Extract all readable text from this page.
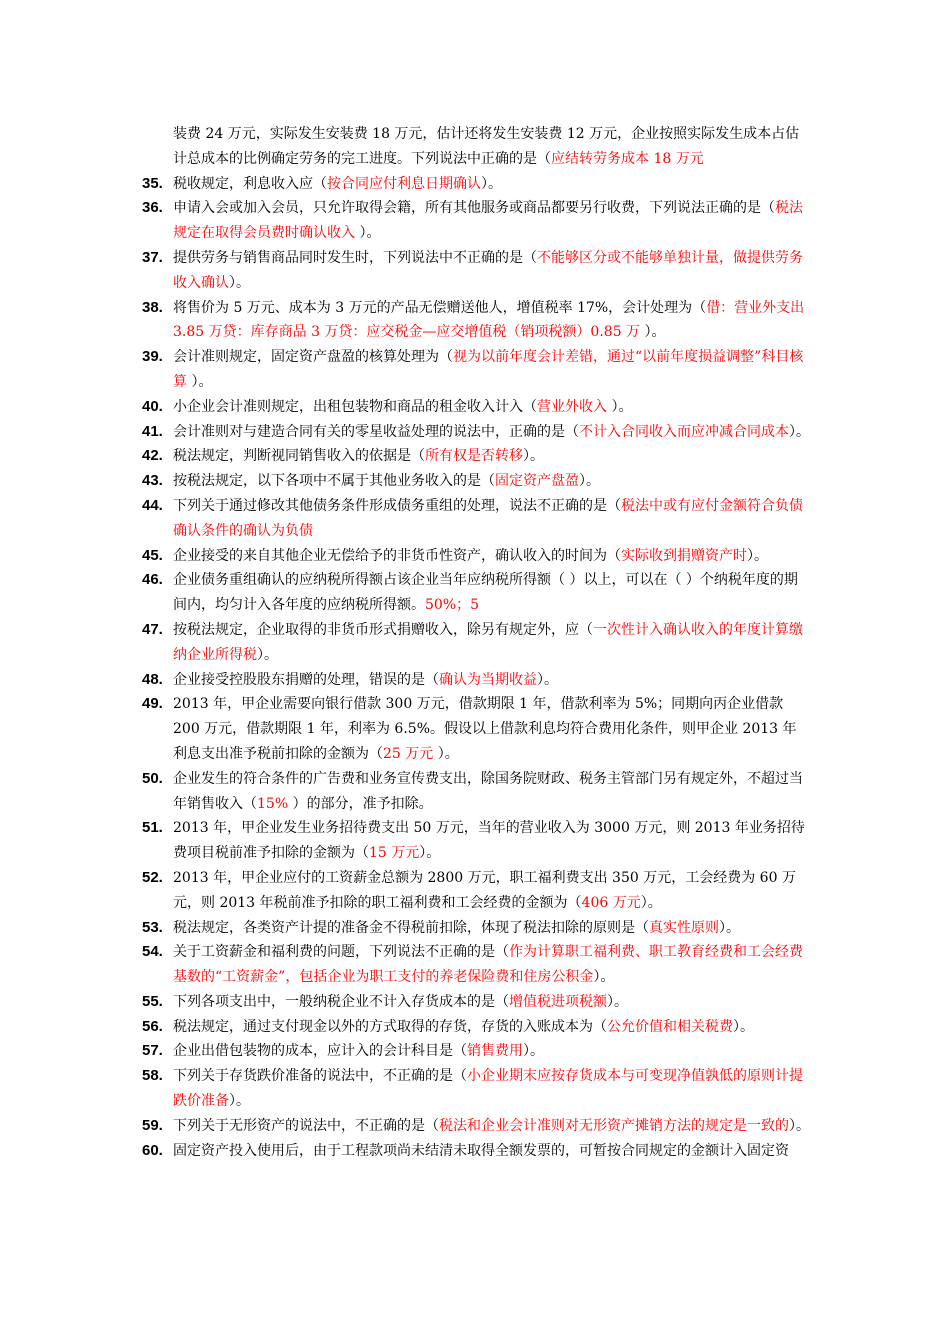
装费 24 万元，实际发生安装费 18 万元，估计还将发生安装费 12 万元，企业按照实际发生成本占估计总成本的比例确定劳务的完工进度。下列说法中正确的是（应结转劳务成本 18 万元
35. 税收规定，利息收入应（按合同应付利息日期确认）。
36. 申请入会或加入会员，只允许取得会籍，所有其他服务或商品都要另行收费，下列说法正确的是（税法规定在取得会员费时确认收入 ）。
37. 提供劳务与销售商品同时发生时，下列说法中不正确的是（不能够区分或不能够单独计量，做提供劳务收入确认）。
38. 将售价为 5 万元、成本为 3 万元的产品无偿赠送他人，增值税率 17%，会计处理为（借：营业外支出 3.85 万贷：库存商品 3 万贷：应交税金—应交增值税（销项税额）0.85 万 ）。
39. 会计准则规定，固定资产盘盈的核算处理为（视为以前年度会计差错，通过“以前年度损益调整”科目核算 ）。
40. 小企业会计准则规定，出租包装物和商品的租金收入计入（营业外收入 ）。
41. 会计准则对与建造合同有关的零星收益处理的说法中，正确的是（不计入合同收入而应冲减合同成本）。
42. 税法规定，判断视同销售收入的依据是（所有权是否转移）。
43. 按税法规定，以下各项中不属于其他业务收入的是（固定资产盘盈）。
44. 下列关于通过修改其他债务条件形成债务重组的处理，说法不正确的是（税法中或有应付金额符合负债确认条件的确认为负债
45. 企业接受的来自其他企业无偿给予的非货币性资产，确认收入的时间为（实际收到捐赠资产时）。
46. 企业债务重组确认的应纳税所得额占该企业当年应纳税所得额（ ）以上，可以在（ ）个纳税年度的期间内，均匀计入各年度的应纳税所得额。50%；5
47. 按税法规定，企业取得的非货币形式捐赠收入，除另有规定外，应（一次性计入确认收入的年度计算缴纳企业所得税）。
48. 企业接受控股股东捐赠的处理，错误的是（确认为当期收益）。
49. 2013 年，甲企业需要向银行借款 300 万元，借款期限 1 年，借款利率为 5%；同期向丙企业借款 200 万元，借款期限 1 年，利率为 6.5%。假设以上借款利息均符合费用化条件，则甲企业 2013 年利息支出准予税前扣除的金额为（25 万元 ）。
50. 企业发生的符合条件的广告费和业务宣传费支出，除国务院财政、税务主管部门另有规定外，不超过当年销售收入（15% ）的部分，准予扣除。
51. 2013 年，甲企业发生业务招待费支出 50 万元，当年的营业收入为 3000 万元，则 2013 年业务招待费项目税前准予扣除的金额为（15 万元）。
52. 2013 年，甲企业应付的工资薪金总额为 2800 万元，职工福利费支出 350 万元，工会经费为 60 万元，则 2013 年税前准予扣除的职工福利费和工会经费的金额为（406 万元）。
53. 税法规定，各类资产计提的准备金不得税前扣除，体现了税法扣除的原则是（真实性原则）。
54. 关于工资薪金和福利费的问题，下列说法不正确的是（作为计算职工福利费、职工教育经费和工会经费基数的“工资薪金”，包括企业为职工支付的养老保险费和住房公积金）。
55. 下列各项支出中，一般纳税企业不计入存货成本的是（增值税进项税额）。
56. 税法规定，通过支付现金以外的方式取得的存货，存货的入账成本为（公允价值和相关税费）。
57. 企业出借包装物的成本，应计入的会计科目是（销售费用）。
58. 下列关于存货跌价准备的说法中，不正确的是（小企业期末应按存货成本与可变现净值孰低的原则计提跌价准备）。
59. 下列关于无形资产的说法中，不正确的是（税法和企业会计准则对无形资产摊销方法的规定是一致的）。
60. 固定资产投入使用后，由于工程款项尚未结清未取得全额发票的，可暂按合同规定的金额计入固定资
